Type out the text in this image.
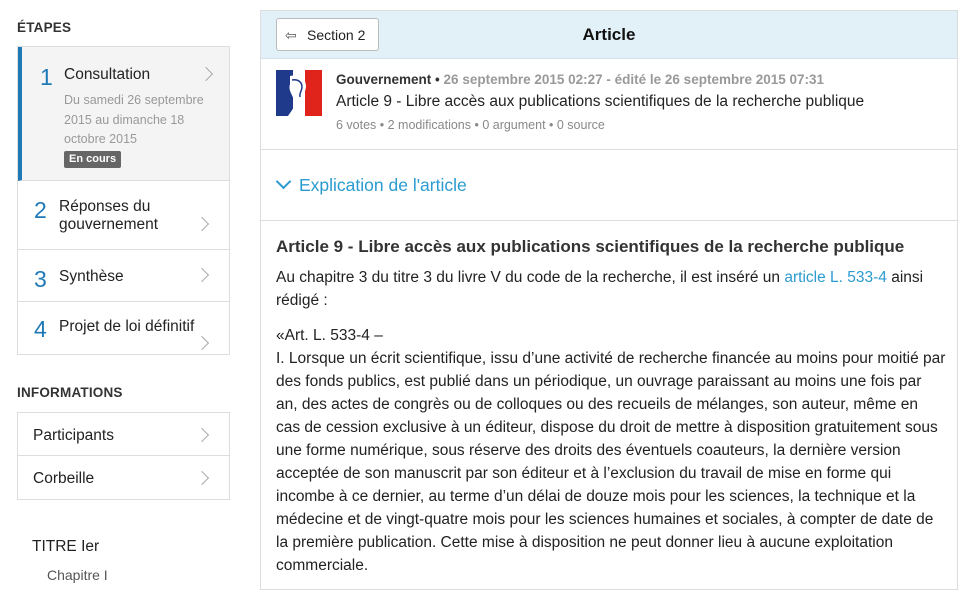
ÉTAPES
1 Consultation
Du samedi 26 septembre 2015 au dimanche 18 octobre 2015
En cours
2 Réponses du gouvernement
3 Synthèse
4 Projet de loi définitif
INFORMATIONS
Participants
Corbeille
TITRE Ier
Chapitre I
⇦ Section 2	Article
Gouvernement • 26 septembre 2015 02:27 - édité le 26 septembre 2015 07:31
Article 9 - Libre accès aux publications scientifiques de la recherche publique
6 votes • 2 modifications • 0 argument • 0 source
Explication de l'article
Article 9 - Libre accès aux publications scientifiques de la recherche publique
Au chapitre 3 du titre 3 du livre V du code de la recherche, il est inséré un article L. 533-4 ainsi rédigé :
«Art. L. 533-4 –
I. Lorsque un écrit scientifique, issu d’une activité de recherche financée au moins pour moitié par des fonds publics, est publié dans un périodique, un ouvrage paraissant au moins une fois par an, des actes de congrès ou de colloques ou des recueils de mélanges, son auteur, même en cas de cession exclusive à un éditeur, dispose du droit de mettre à disposition gratuitement sous une forme numérique, sous réserve des droits des éventuels coauteurs, la dernière version acceptée de son manuscrit par son éditeur et à l’exclusion du travail de mise en forme qui incombe à ce dernier, au terme d’un délai de douze mois pour les sciences, la technique et la médecine et de vingt-quatre mois pour les sciences humaines et sociales, à compter de date de la première publication. Cette mise à disposition ne peut donner lieu à aucune exploitation commerciale.
